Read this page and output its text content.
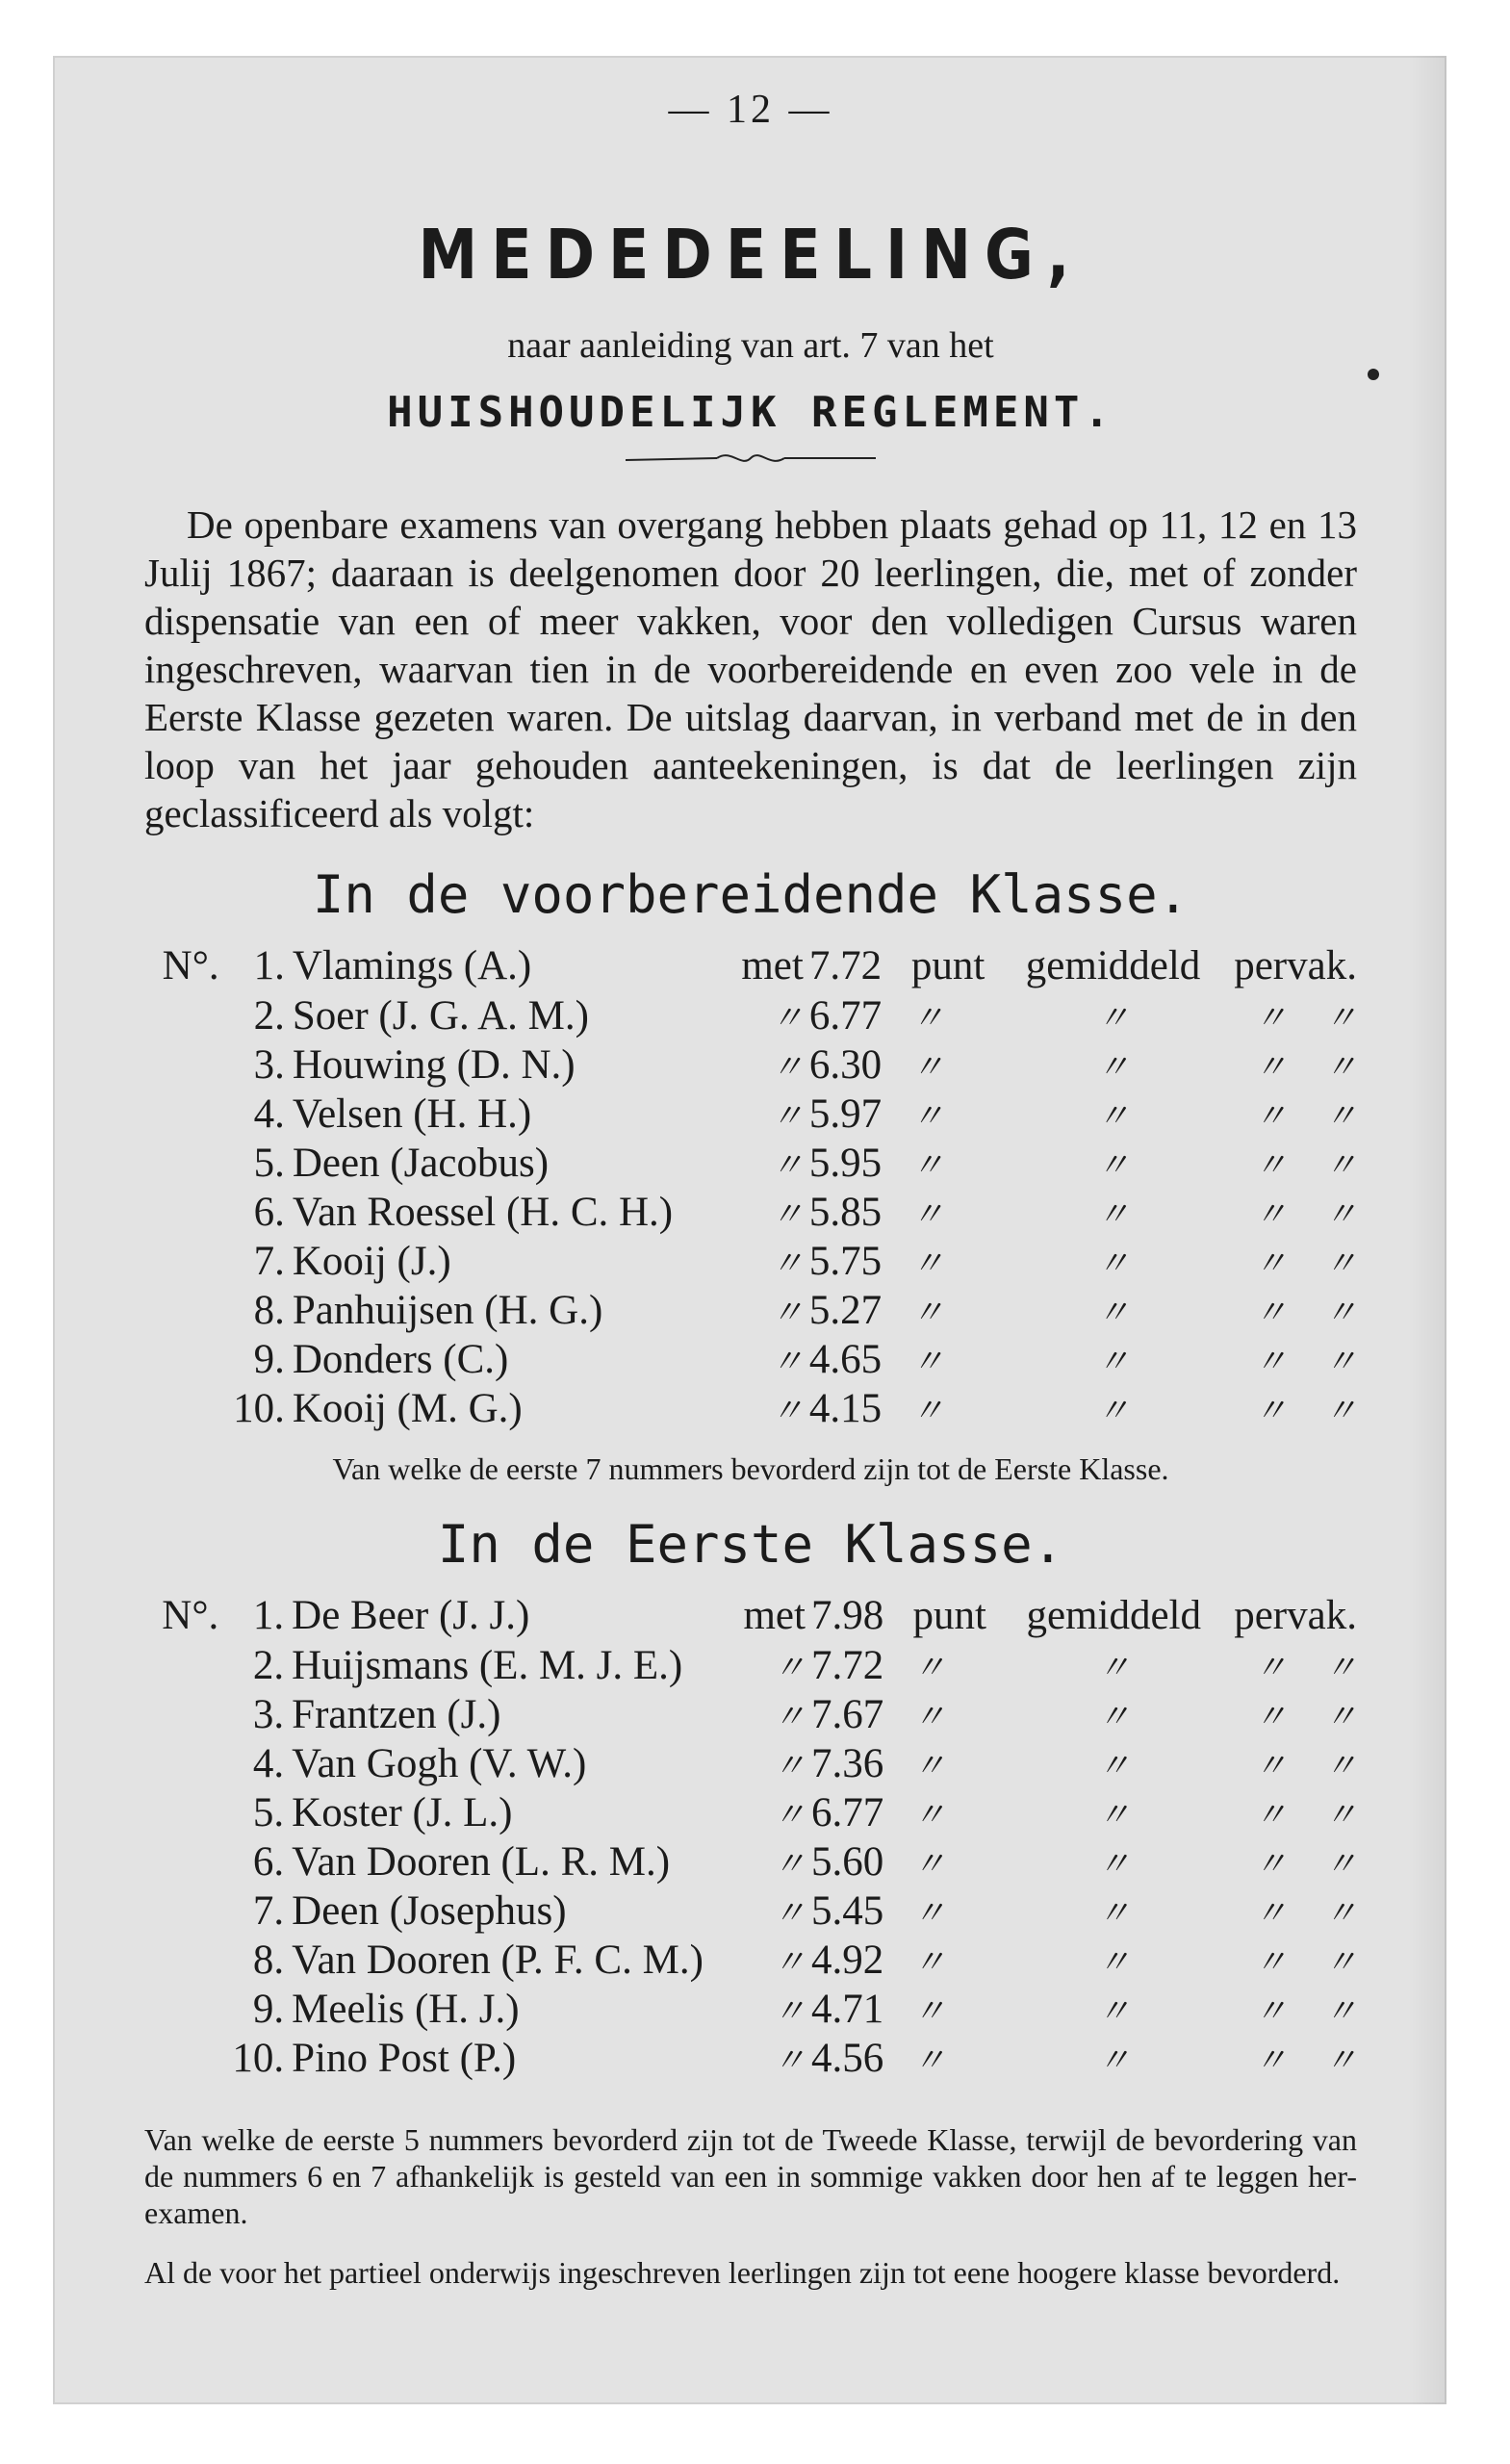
— 12 —
MEDEDEELING,
naar aanleiding van art. 7 van het
HUISHOUDELIJK REGLEMENT.
De openbare examens van overgang hebben plaats gehad op 11, 12 en 13 Julij 1867; daaraan is deelgenomen door 20 leerlingen, die, met of zonder dispensatie van een of meer vakken, voor den volledigen Cursus waren ingeschreven, waarvan tien in de voorbereidende en even zoo vele in de Eerste Klasse gezeten waren. De uitslag daarvan, in verband met de in den loop van het jaar gehouden aanteekeningen, is dat de leerlingen zijn geclassificeerd als volgt:
In de voorbereidende Klasse.
N°.	1.	Vlamings (A.)	met	7.72	punt	gemiddeld	per	vak.
	2.	Soer (J. G. A. M.)	〃	6.77	〃	〃	〃	〃
	3.	Houwing (D. N.)	〃	6.30	〃	〃	〃	〃
	4.	Velsen (H. H.)	〃	5.97	〃	〃	〃	〃
	5.	Deen (Jacobus)	〃	5.95	〃	〃	〃	〃
	6.	Van Roessel (H. C. H.)	〃	5.85	〃	〃	〃	〃
	7.	Kooij (J.)	〃	5.75	〃	〃	〃	〃
	8.	Panhuijsen (H. G.)	〃	5.27	〃	〃	〃	〃
	9.	Donders (C.)	〃	4.65	〃	〃	〃	〃
	10.	Kooij (M. G.)	〃	4.15	〃	〃	〃	〃
Van welke de eerste 7 nummers bevorderd zijn tot de Eerste Klasse.
In de Eerste Klasse.
N°.	1.	De Beer (J. J.)	met	7.98	punt	gemiddeld	per	vak.
	2.	Huijsmans (E. M. J. E.)	〃	7.72	〃	〃	〃	〃
	3.	Frantzen (J.)	〃	7.67	〃	〃	〃	〃
	4.	Van Gogh (V. W.)	〃	7.36	〃	〃	〃	〃
	5.	Koster (J. L.)	〃	6.77	〃	〃	〃	〃
	6.	Van Dooren (L. R. M.)	〃	5.60	〃	〃	〃	〃
	7.	Deen (Josephus)	〃	5.45	〃	〃	〃	〃
	8.	Van Dooren (P. F. C. M.)	〃	4.92	〃	〃	〃	〃
	9.	Meelis (H. J.)	〃	4.71	〃	〃	〃	〃
	10.	Pino Post (P.)	〃	4.56	〃	〃	〃	〃
Van welke de eerste 5 nummers bevorderd zijn tot de Tweede Klasse, terwijl de bevordering van de nummers 6 en 7 afhankelijk is gesteld van een in sommige vakken door hen af te leggen her-examen.
Al de voor het partieel onderwijs ingeschreven leerlingen zijn tot eene hoogere klasse bevorderd.
